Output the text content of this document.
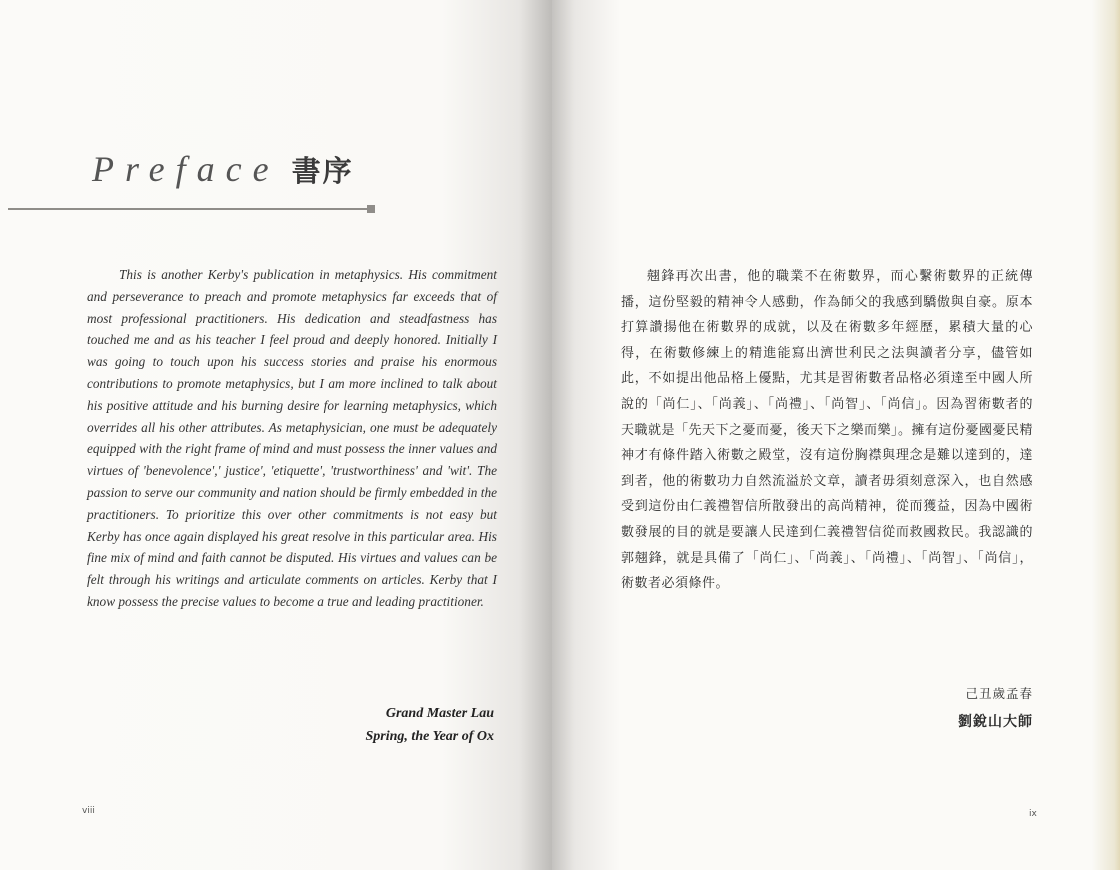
Preface 書序

This is another Kerby's publication in metaphysics. His commitment and perseverance to preach and promote metaphysics far exceeds that of most professional practitioners. His dedication and steadfastness has touched me and as his teacher I feel proud and deeply honored. Initially I was going to touch upon his success stories and praise his enormous contributions to promote metaphysics, but I am more inclined to talk about his positive attitude and his burning desire for learning metaphysics, which overrides all his other attributes. As metaphysician, one must be adequately equipped with the right frame of mind and must possess the inner values and virtues of 'benevolence',' justice', 'etiquette', 'trustworthiness' and 'wit'. The passion to serve our community and nation should be firmly embedded in the practitioners. To prioritize this over other commitments is not easy but Kerby has once again displayed his great resolve in this particular area. His fine mix of mind and faith cannot be disputed. His virtues and values can be felt through his writings and articulate comments on articles. Kerby that I know possess the precise values to become a true and leading practitioner.

Grand Master Lau
Spring, the Year of Ox
viii

翹鋒再次出書，他的職業不在術數界，而心繫術數界的正統傳播，這份堅毅的精神令人感動，作為師父的我感到驕傲與自豪。原本打算讚揚他在術數界的成就，以及在術數多年經歷，累積大量的心得，在術數修練上的精進能寫出濟世利民之法與讀者分享，儘管如此，不如提出他品格上優點，尤其是習術數者品格必須達至中國人所說的「尚仁」、「尚義」、「尚禮」、「尚智」、「尚信」。因為習術數者的天職就是「先天下之憂而憂，後天下之樂而樂」。擁有這份憂國憂民精神才有條件踏入術數之殿堂，沒有這份胸襟與理念是難以達到的，達到者，他的術數功力自然流溢於文章，讀者毋須刻意深入，也自然感受到這份由仁義禮智信所散發出的高尚精神，從而獲益，因為中國術數發展的目的就是要讓人民達到仁義禮智信從而救國救民。我認識的郭翹鋒，就是具備了「尚仁」、「尚義」、「尚禮」、「尚智」、「尚信」，術數者必須條件。

己丑歲孟春
劉銳山大師
ix
